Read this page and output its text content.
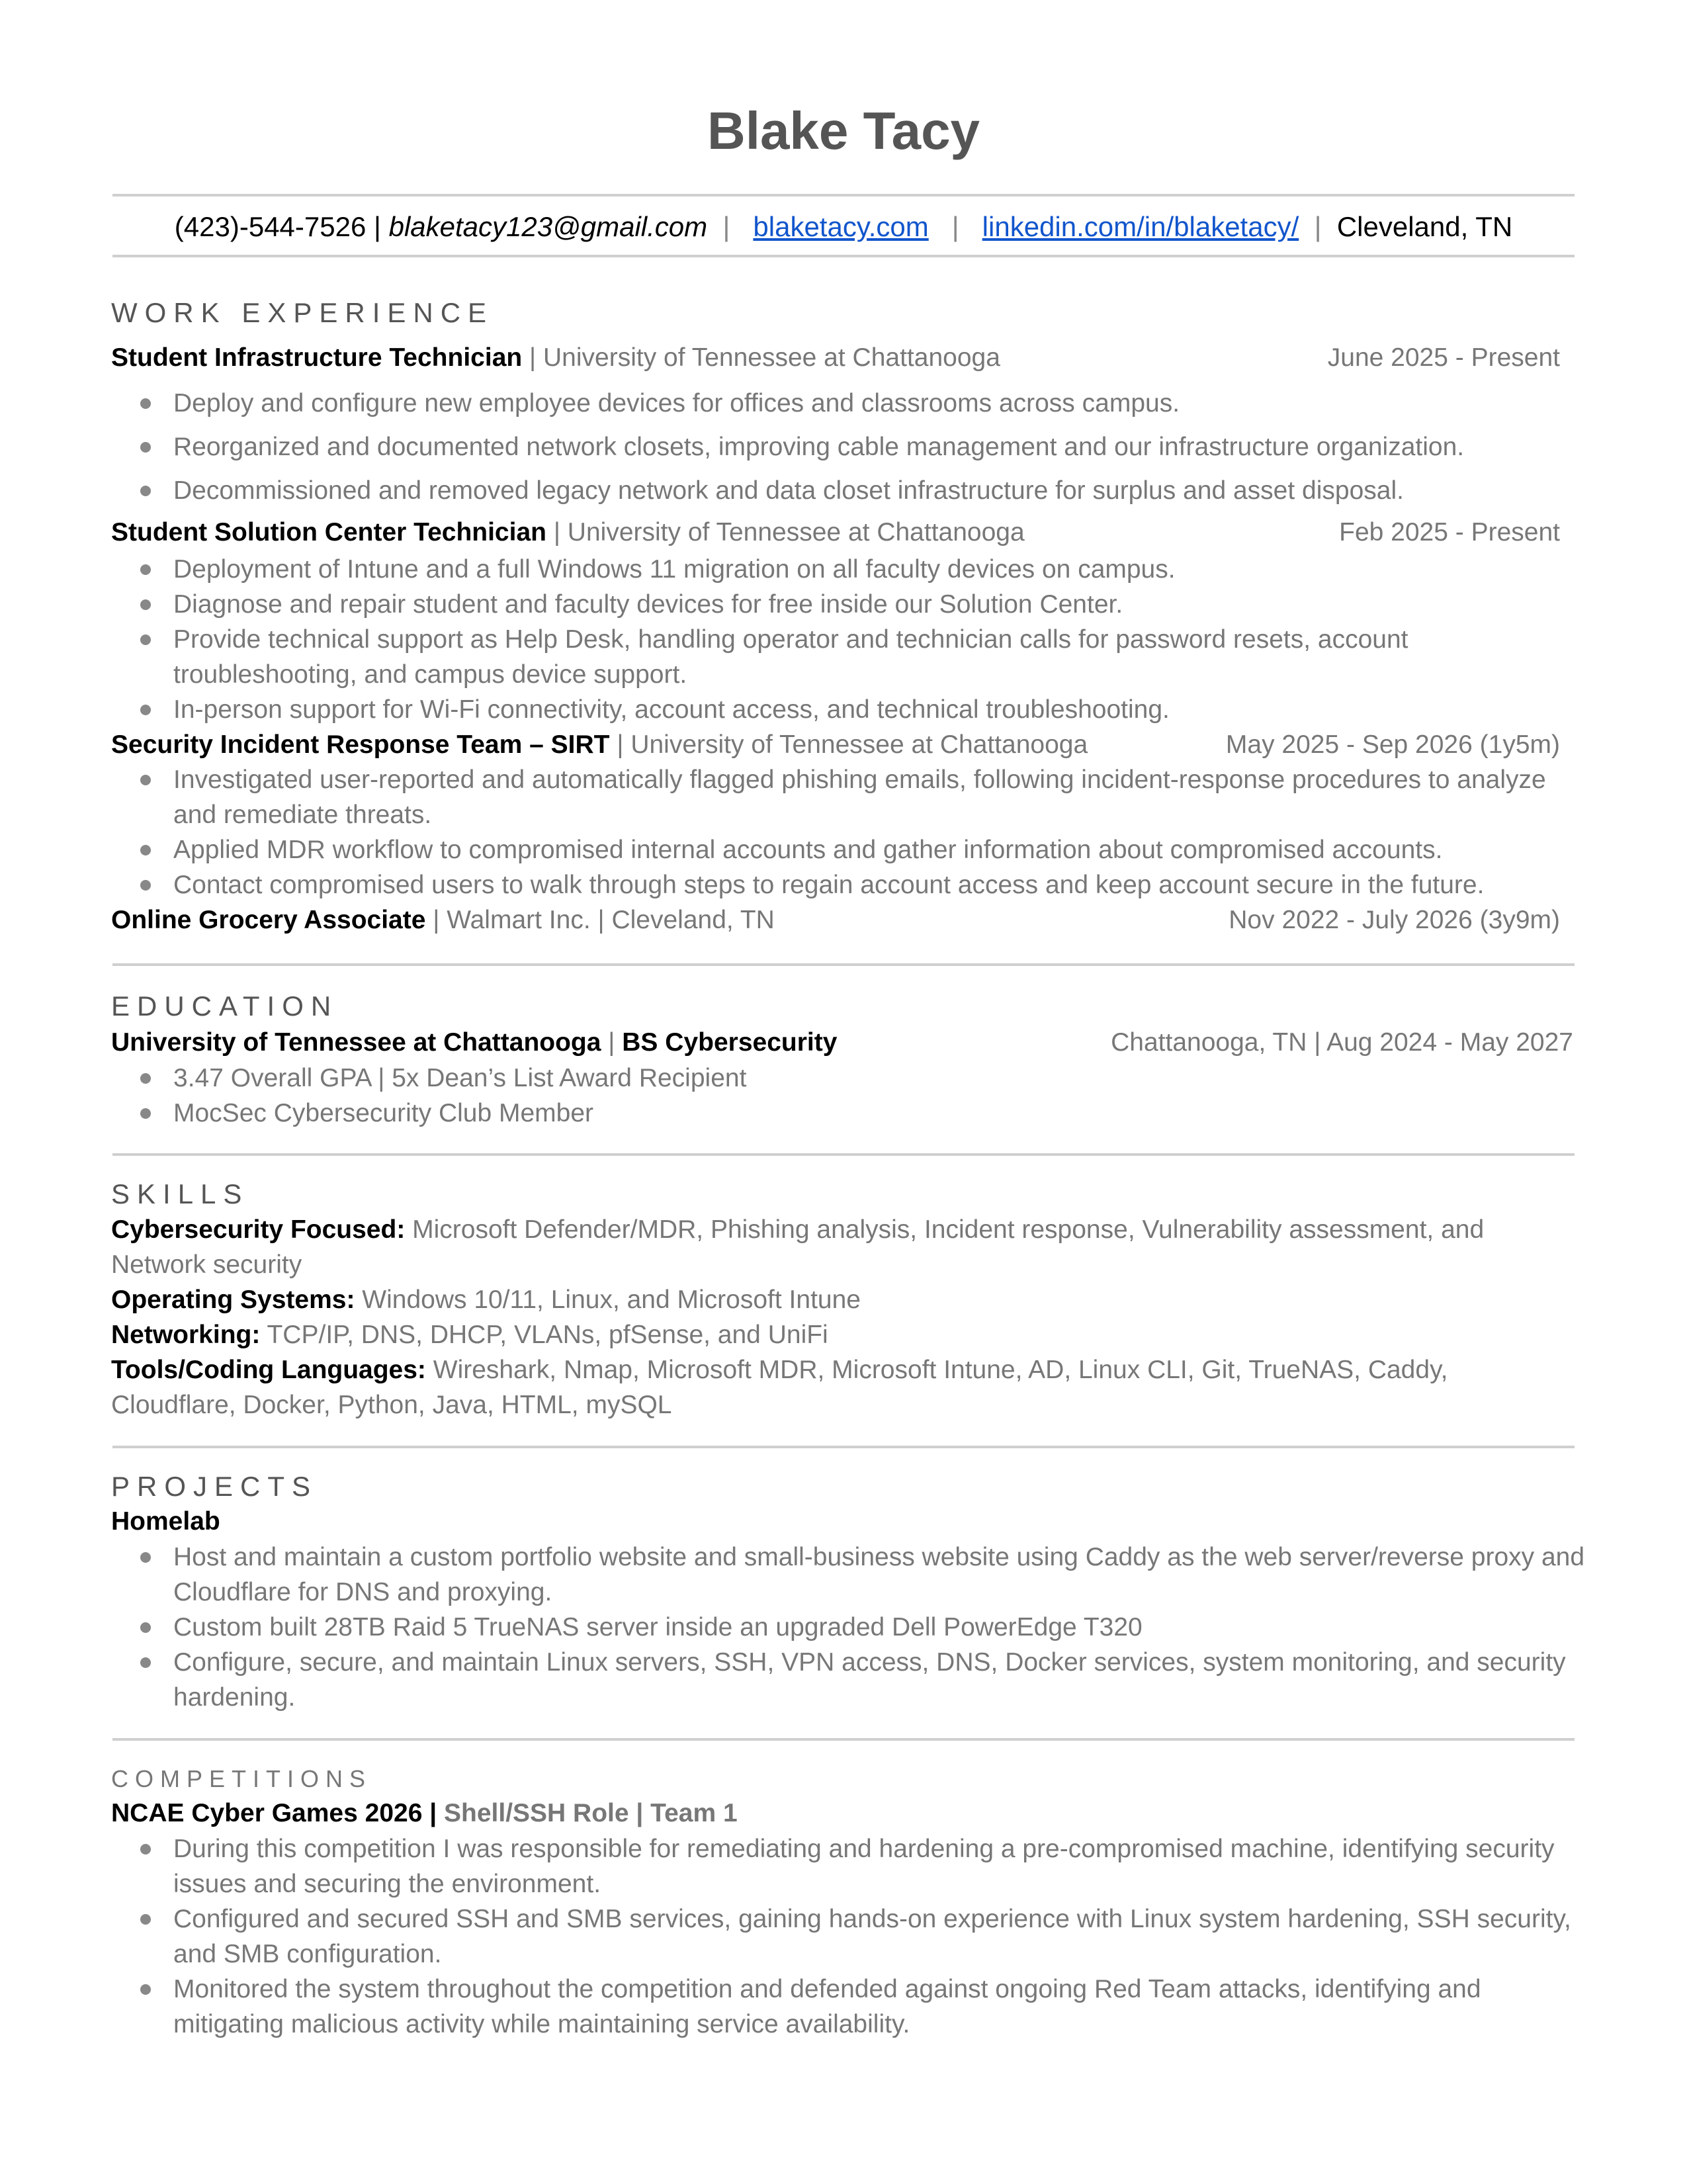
Blake Tacy
(423)-544-7526 | blaketacy123@gmail.com  |   blaketacy.com   |   linkedin.com/in/blaketacy/  |  Cleveland, TN
WORK EXPERIENCE
Student Infrastructure Technician | University of Tennessee at Chattanooga	June 2025 - Present
Deploy and configure new employee devices for offices and classrooms across campus.
Reorganized and documented network closets, improving cable management and our infrastructure organization.
Decommissioned and removed legacy network and data closet infrastructure for surplus and asset disposal.
Student Solution Center Technician | University of Tennessee at Chattanooga	Feb 2025 - Present
Deployment of Intune and a full Windows 11 migration on all faculty devices on campus.
Diagnose and repair student and faculty devices for free inside our Solution Center.
Provide technical support as Help Desk, handling operator and technician calls for password resets, account troubleshooting, and campus device support.
In-person support for Wi-Fi connectivity, account access, and technical troubleshooting.
Security Incident Response Team – SIRT | University of Tennessee at Chattanooga	May 2025 - Sep 2026 (1y5m)
Investigated user-reported and automatically flagged phishing emails, following incident-response procedures to analyze and remediate threats.
Applied MDR workflow to compromised internal accounts and gather information about compromised accounts.
Contact compromised users to walk through steps to regain account access and keep account secure in the future.
Online Grocery Associate | Walmart Inc. | Cleveland, TN	Nov 2022 - July 2026 (3y9m)
EDUCATION
University of Tennessee at Chattanooga | BS Cybersecurity	Chattanooga, TN | Aug 2024 - May 2027
3.47 Overall GPA | 5x Dean’s List Award Recipient
MocSec Cybersecurity Club Member
SKILLS
Cybersecurity Focused: Microsoft Defender/MDR, Phishing analysis, Incident response, Vulnerability assessment, and Network security
Operating Systems: Windows 10/11, Linux, and Microsoft Intune
Networking: TCP/IP, DNS, DHCP, VLANs, pfSense, and UniFi
Tools/Coding Languages: Wireshark, Nmap, Microsoft MDR, Microsoft Intune, AD, Linux CLI, Git, TrueNAS, Caddy, Cloudflare, Docker, Python, Java, HTML, mySQL
PROJECTS
Homelab
Host and maintain a custom portfolio website and small-business website using Caddy as the web server/reverse proxy and Cloudflare for DNS and proxying.
Custom built 28TB Raid 5 TrueNAS server inside an upgraded Dell PowerEdge T320
Configure, secure, and maintain Linux servers, SSH, VPN access, DNS, Docker services, system monitoring, and security hardening.
COMPETITIONS
NCAE Cyber Games 2026 | Shell/SSH Role | Team 1
During this competition I was responsible for remediating and hardening a pre-compromised machine, identifying security issues and securing the environment.
Configured and secured SSH and SMB services, gaining hands-on experience with Linux system hardening, SSH security, and SMB configuration.
Monitored the system throughout the competition and defended against ongoing Red Team attacks, identifying and mitigating malicious activity while maintaining service availability.
